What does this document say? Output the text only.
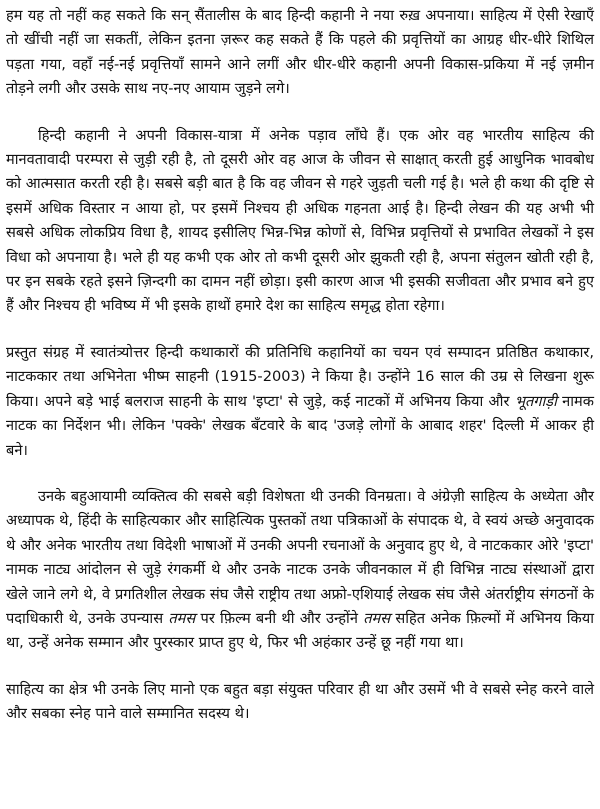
हम यह तो नहीं कह सकते कि सन् सैंतालीस के बाद हिन्दी कहानी ने नया रुख़ अपनाया। साहित्य में ऐसी रेखाएँ तो खींची नहीं जा सकतीं, लेकिन इतना ज़रूर कह सकते हैं कि पहले की प्रवृत्तियों का आग्रह धीर-धीरे शिथिल पड़ता गया, वहाँ नई-नई प्रवृत्तियाँ सामने आने लगीं और धीर-धीरे कहानी अपनी विकास-प्रकिया में नई ज़मीन तोड़ने लगी और उसके साथ नए-नए आयाम जुड़ने लगे।

हिन्दी कहानी ने अपनी विकास-यात्रा में अनेक पड़ाव लाँघे हैं। एक ओर वह भारतीय साहित्य की मानवतावादी परम्परा से जुड़ी रही है, तो दूसरी ओर वह आज के जीवन से साक्षात् करती हुई आधुनिक भावबोध को आत्मसात करती रही है। सबसे बड़ी बात है कि वह जीवन से गहरे जुड़ती चली गई है। भले ही कथा की दृष्टि से इसमें अधिक विस्तार न आया हो, पर इसमें निश्चय ही अधिक गहनता आई है। हिन्दी लेखन की यह अभी भी सबसे अधिक लोकप्रिय विधा है, शायद इसीलिए भिन्न-भिन्न कोणों से, विभिन्न प्रवृत्तियों से प्रभावित लेखकों ने इस विधा को अपनाया है। भले ही यह कभी एक ओर तो कभी दूसरी ओर झुकती रही है, अपना संतुलन खोती रही है, पर इन सबके रहते इसने ज़िन्दगी का दामन नहीं छोड़ा। इसी कारण आज भी इसकी सजीवता और प्रभाव बने हुए हैं और निश्चय ही भविष्य में भी इसके हाथों हमारे देश का साहित्य समृद्ध होता रहेगा।

प्रस्तुत संग्रह में स्वातंत्र्योत्तर हिन्दी कथाकारों की प्रतिनिधि कहानियों का चयन एवं सम्पादन प्रतिष्ठित कथाकार, नाटककार तथा अभिनेता भीष्म साहनी (1915-2003) ने किया है। उन्होंने 16 साल की उम्र से लिखना शुरू किया। अपने बड़े भाई बलराज साहनी के साथ 'इप्टा' से जुड़े, कई नाटकों में अभिनय किया और भूतगाड़ी नामक नाटक का निर्देशन भी। लेकिन 'पक्के' लेखक बँटवारे के बाद 'उजड़े लोगों के आबाद शहर' दिल्ली में आकर ही बने।

उनके बहुआयामी व्यक्तित्व की सबसे बड़ी विशेषता थी उनकी विनम्रता। वे अंग्रेज़ी साहित्य के अध्येता और अध्यापक थे, हिंदी के साहित्यकार और साहित्यिक पुस्तकों तथा पत्रिकाओं के संपादक थे, वे स्वयं अच्छे अनुवादक थे और अनेक भारतीय तथा विदेशी भाषाओं में उनकी अपनी रचनाओं के अनुवाद हुए थे, वे नाटककार ओरे 'इप्टा' नामक नाट्य आंदोलन से जुड़े रंगकर्मी थे और उनके नाटक उनके जीवनकाल में ही विभिन्न नाट्य संस्थाओं द्वारा खेले जाने लगे थे, वे प्रगतिशील लेखक संघ जैसे राष्ट्रीय तथा अफ्रो-एशियाई लेखक संघ जैसे अंतर्राष्ट्रीय संगठनों के पदाधिकारी थे, उनके उपन्यास तमस पर फ़िल्म बनी थी और उन्होंने तमस सहित अनेक फ़िल्मों में अभिनय किया था, उन्हें अनेक सम्मान और पुरस्कार प्राप्त हुए थे, फिर भी अहंकार उन्हें छू नहीं गया था।

साहित्य का क्षेत्र भी उनके लिए मानो एक बहुत बड़ा संयुक्त परिवार ही था और उसमें भी वे सबसे स्नेह करने वाले और सबका स्नेह पाने वाले सम्मानित सदस्य थे।
